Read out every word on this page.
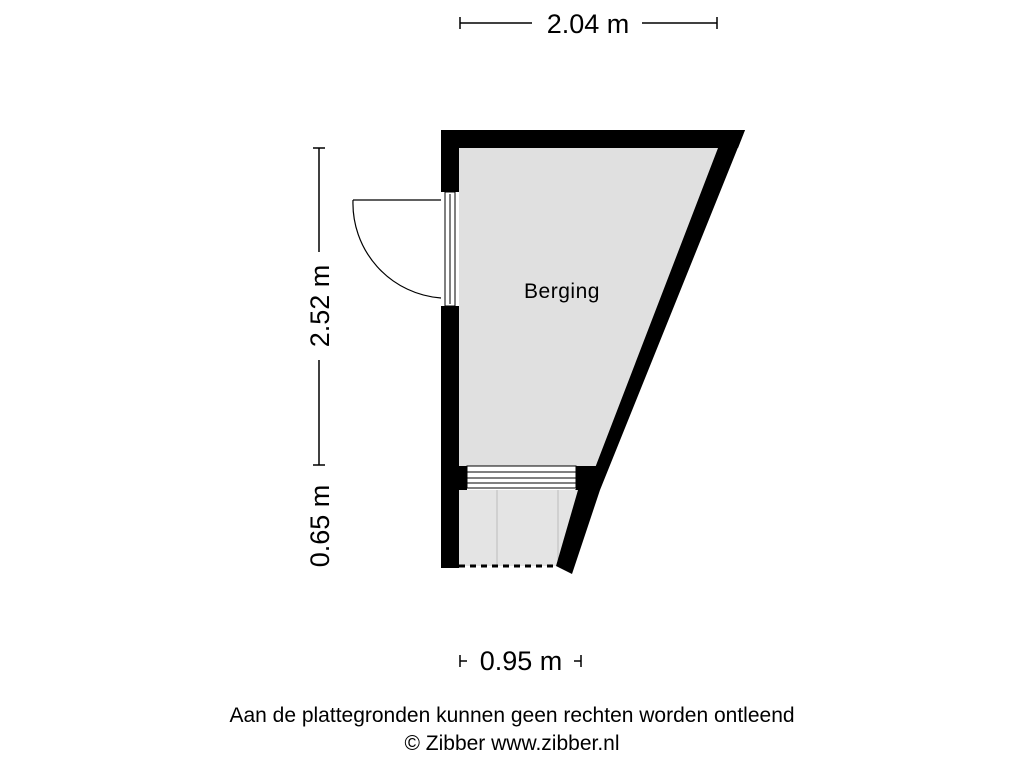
2.04 m
2.52 m
0.65 m
0.95 m
Berging
Aan de plattegronden kunnen geen rechten worden ontleend
© Zibber www.zibber.nl
